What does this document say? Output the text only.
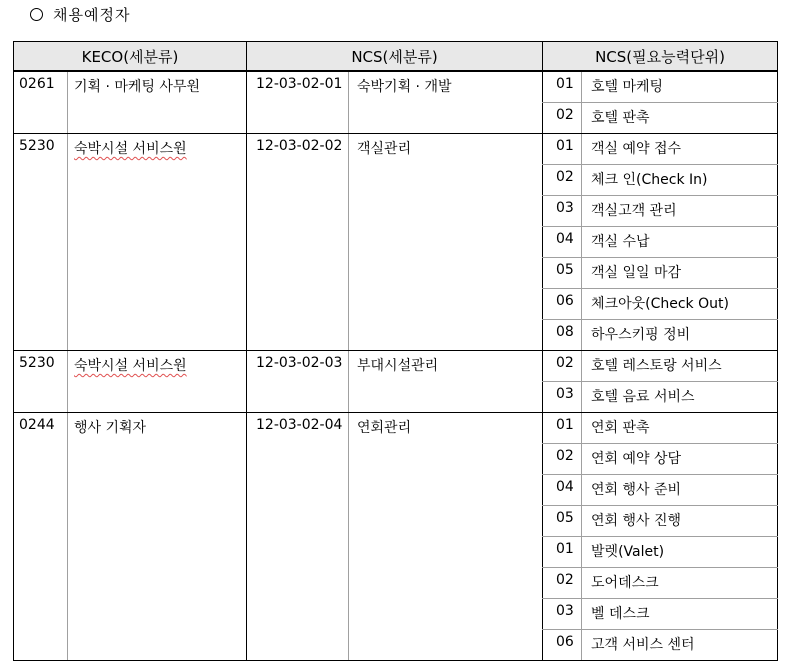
채용예정자
KECO(세분류)		NCS(세분류)		NCS(필요능력단위)	
0261	기획 · 마케팅 사무원	12-03-02-01	숙박기획 · 개발	01	호텔 마케팅
				02	호텔 판촉
5230	숙박시설 서비스원	12-03-02-02	객실관리	01	객실 예약 접수
				02	체크 인(Check In)
				03	객실고객 관리
				04	객실 수납
				05	객실 일일 마감
				06	체크아웃(Check Out)
				08	하우스키핑 정비
5230	숙박시설 서비스원	12-03-02-03	부대시설관리	02	호텔 레스토랑 서비스
				03	호텔 음료 서비스
0244	행사 기획자	12-03-02-04	연회관리	01	연회 판촉
				02	연회 예약 상담
				04	연회 행사 준비
				05	연회 행사 진행
				01	발렛(Valet)
				02	도어데스크
				03	벨 데스크
				06	고객 서비스 센터
